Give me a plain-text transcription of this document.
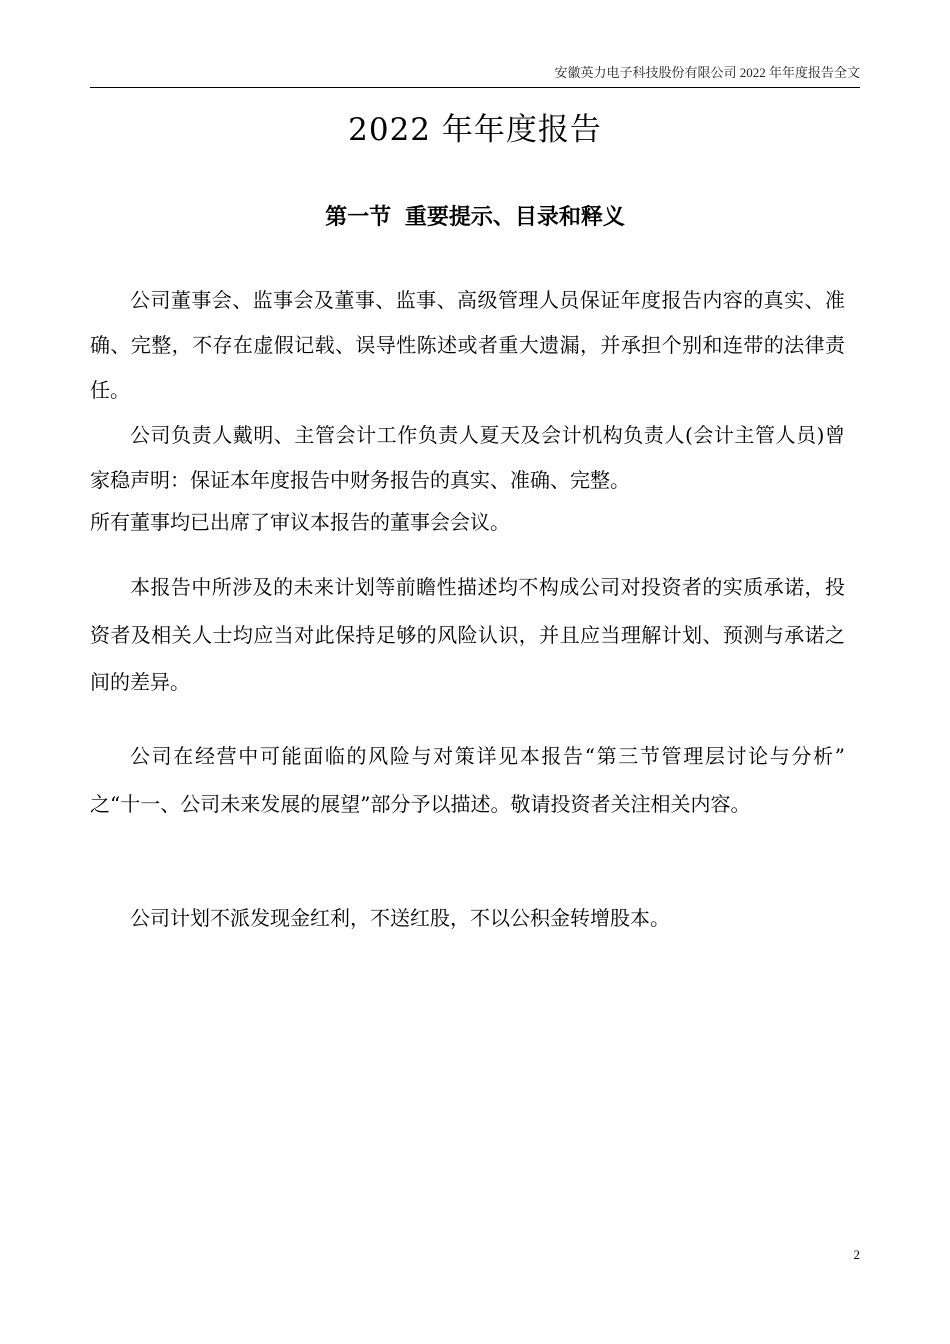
安徽英力电子科技股份有限公司 2022 年年度报告全文
2022 年年度报告
第一节 重要提示、目录和释义

公司董事会、监事会及董事、监事、高级管理人员保证年度报告内容的真实、准确、完整，不存在虚假记载、误导性陈述或者重大遗漏，并承担个别和连带的法律责任。

公司负责人戴明、主管会计工作负责人夏天及会计机构负责人(会计主管人员)曾家稳声明：保证本年度报告中财务报告的真实、准确、完整。

所有董事均已出席了审议本报告的董事会会议。

本报告中所涉及的未来计划等前瞻性描述均不构成公司对投资者的实质承诺，投资者及相关人士均应当对此保持足够的风险认识，并且应当理解计划、预测与承诺之间的差异。

公司在经营中可能面临的风险与对策详见本报告“第三节管理层讨论与分析” 之“十一、公司未来发展的展望”部分予以描述。敬请投资者关注相关内容。

公司计划不派发现金红利，不送红股，不以公积金转增股本。

2
